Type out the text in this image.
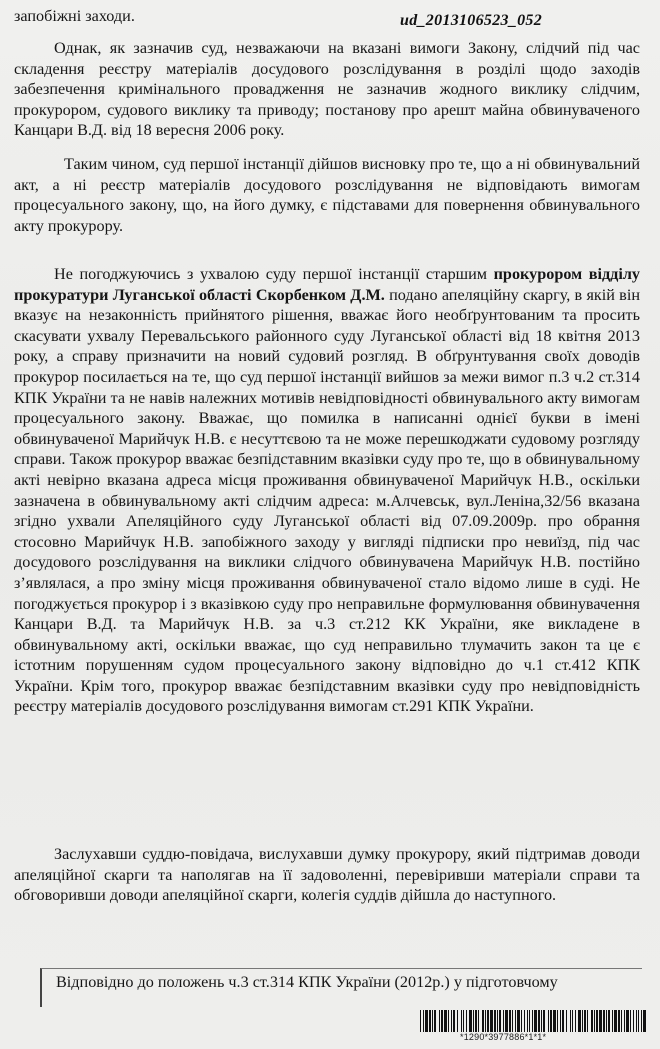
ud_2013106523_052

запобіжні заходи.

Однак, як зазначив суд, незважаючи на вказані вимоги Закону, слідчий під час складення реєстру матеріалів досудового розслідування в розділі щодо заходів забезпечення кримінального провадження не зазначив жодного виклику слідчим, прокурором, судового виклику та приводу; постанову про арешт майна обвинуваченого Канцари В.Д. від 18 вересня 2006 року.

Таким чином, суд першої інстанції дійшов висновку про те, що а ні обвинувальний акт, а ні реєстр матеріалів досудового розслідування не відповідають вимогам процесуального закону, що, на його думку, є підставами для повернення обвинувального акту прокурору.

Не погоджуючись з ухвалою суду першої інстанції старшим прокурором відділу прокуратури Луганської області Скорбенком Д.М. подано апеляційну скаргу, в якій він вказує на незаконність прийнятого рішення, вважає його необґрунтованим та просить скасувати ухвалу Перевальського районного суду Луганської області від 18 квітня 2013 року, а справу призначити на новий судовий розгляд. В обґрунтування своїх доводів прокурор посилається на те, що суд першої інстанції вийшов за межи вимог п.3 ч.2 ст.314 КПК України та не навів належних мотивів невідповідності обвинувального акту вимогам процесуального закону. Вважає, що помилка в написанні однієї букви в імені обвинуваченої Марийчук Н.В. є несуттєвою та не може перешкоджати судовому розгляду справи. Також прокурор вважає безпідставним вказівки суду про те, що в обвинувальному акті невірно вказана адреса місця проживання обвинуваченої Марийчук Н.В., оскільки зазначена в обвинувальному акті слідчим адреса: м.Алчевськ, вул.Леніна,32/56 вказана згідно ухвали Апеляційного суду Луганської області від 07.09.2009р. про обрання стосовно Марийчук Н.В. запобіжного заходу у вигляді підписки про невиїзд, під час досудового розслідування на виклики слідчого обвинувачена Марийчук Н.В. постійно з’являлася, а про зміну місця проживання обвинуваченої стало відомо лише в суді. Не погоджується прокурор і з вказівкою суду про неправильне формулювання обвинувачення Канцари В.Д. та Марийчук Н.В. за ч.3 ст.212 КК України, яке викладене в обвинувальному акті, оскільки вважає, що суд неправильно тлумачить закон та це є істотним порушенням судом процесуального закону відповідно до ч.1 ст.412 КПК України. Крім того, прокурор вважає безпідставним вказівки суду про невідповідність реєстру матеріалів досудового розслідування вимогам ст.291 КПК України.

Заслухавши суддю-повідача, вислухавши думку прокурору, який підтримав доводи апеляційної скарги та наполягав на її задоволенні, перевіривши матеріали справи та обговоривши доводи апеляційної скарги, колегія суддів дійшла до наступного.

Відповідно до положень ч.3 ст.314 КПК України (2012р.) у підготовчому

*1290*3977886*1*1*
